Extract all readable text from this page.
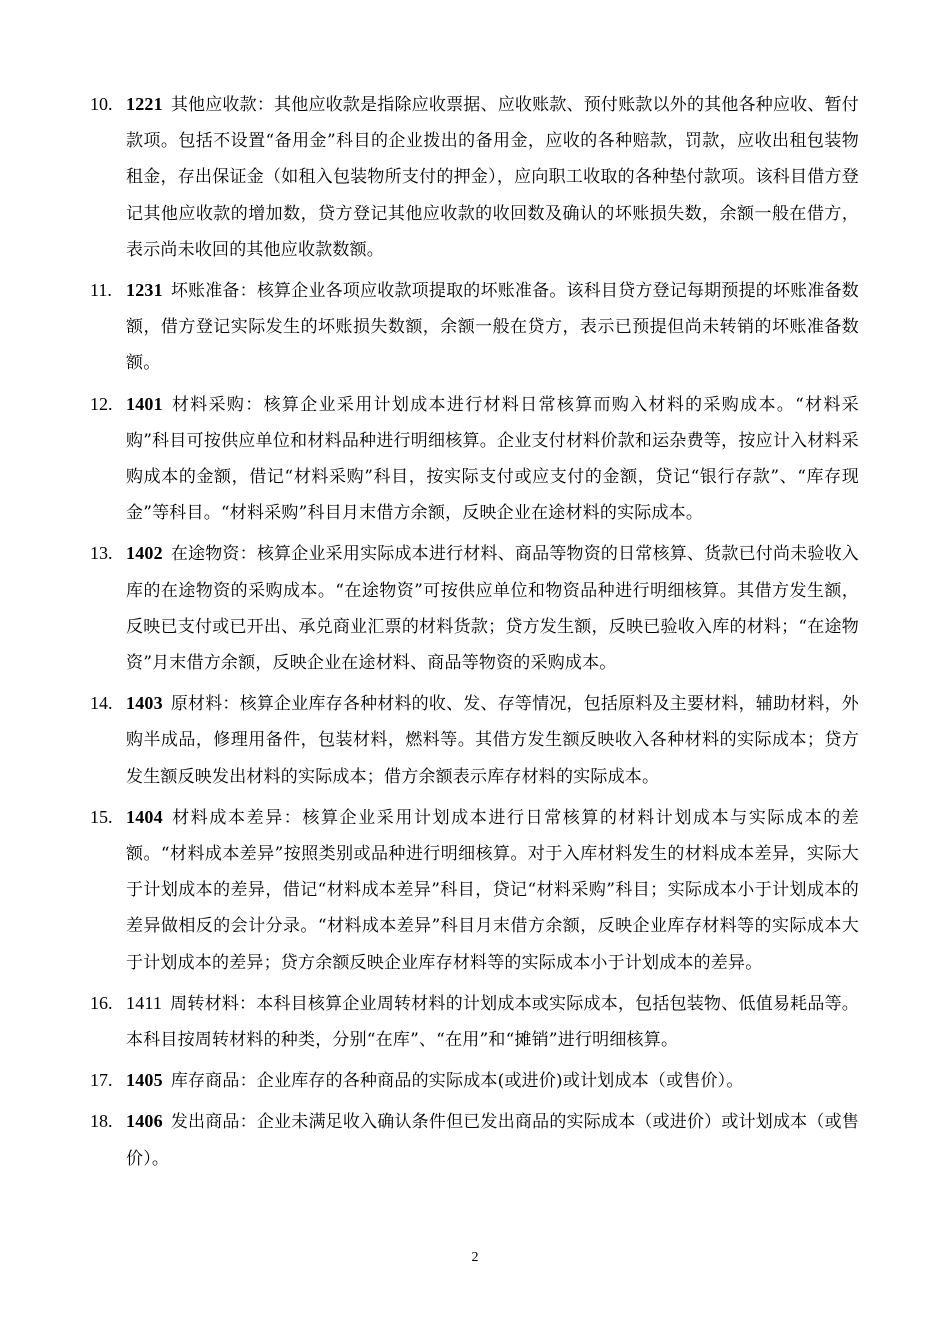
10. 1221 其他应收款：其他应收款是指除应收票据、应收账款、预付账款以外的其他各种应收、暂付款项。包括不设置“备用金”科目的企业拨出的备用金，应收的各种赔款，罚款，应收出租包装物租金，存出保证金（如租入包装物所支付的押金），应向职工收取的各种垫付款项。该科目借方登记其他应收款的增加数，贷方登记其他应收款的收回数及确认的坏账损失数，余额一般在借方，表示尚未收回的其他应收款数额。
11. 1231 坏账准备：核算企业各项应收款项提取的坏账准备。该科目贷方登记每期预提的坏账准备数额，借方登记实际发生的坏账损失数额，余额一般在贷方，表示已预提但尚未转销的坏账准备数额。
12. 1401 材料采购：核算企业采用计划成本进行材料日常核算而购入材料的采购成本。“材料采购”科目可按供应单位和材料品种进行明细核算。企业支付材料价款和运杂费等，按应计入材料采购成本的金额，借记“材料采购”科目，按实际支付或应支付的金额，贷记“银行存款”、“库存现金”等科目。“材料采购”科目月末借方余额，反映企业在途材料的实际成本。
13. 1402 在途物资：核算企业采用实际成本进行材料、商品等物资的日常核算、货款已付尚未验收入库的在途物资的采购成本。“在途物资”可按供应单位和物资品种进行明细核算。其借方发生额，反映已支付或已开出、承兑商业汇票的材料货款；贷方发生额，反映已验收入库的材料；“在途物资”月末借方余额，反映企业在途材料、商品等物资的采购成本。
14. 1403 原材料：核算企业库存各种材料的收、发、存等情况，包括原料及主要材料，辅助材料，外购半成品，修理用备件，包装材料，燃料等。其借方发生额反映收入各种材料的实际成本；贷方发生额反映发出材料的实际成本；借方余额表示库存材料的实际成本。
15. 1404 材料成本差异：核算企业采用计划成本进行日常核算的材料计划成本与实际成本的差额。“材料成本差异”按照类别或品种进行明细核算。对于入库材料发生的材料成本差异，实际大于计划成本的差异，借记“材料成本差异”科目，贷记“材料采购”科目；实际成本小于计划成本的差异做相反的会计分录。“材料成本差异”科目月末借方余额，反映企业库存材料等的实际成本大于计划成本的差异；贷方余额反映企业库存材料等的实际成本小于计划成本的差异。
16. 1411 周转材料：本科目核算企业周转材料的计划成本或实际成本，包括包装物、低值易耗品等。本科目按周转材料的种类，分别“在库”、“在用”和“摊销”进行明细核算。
17. 1405 库存商品：企业库存的各种商品的实际成本(或进价)或计划成本（或售价）。
18. 1406 发出商品：企业未满足收入确认条件但已发出商品的实际成本（或进价）或计划成本（或售价）。
2
